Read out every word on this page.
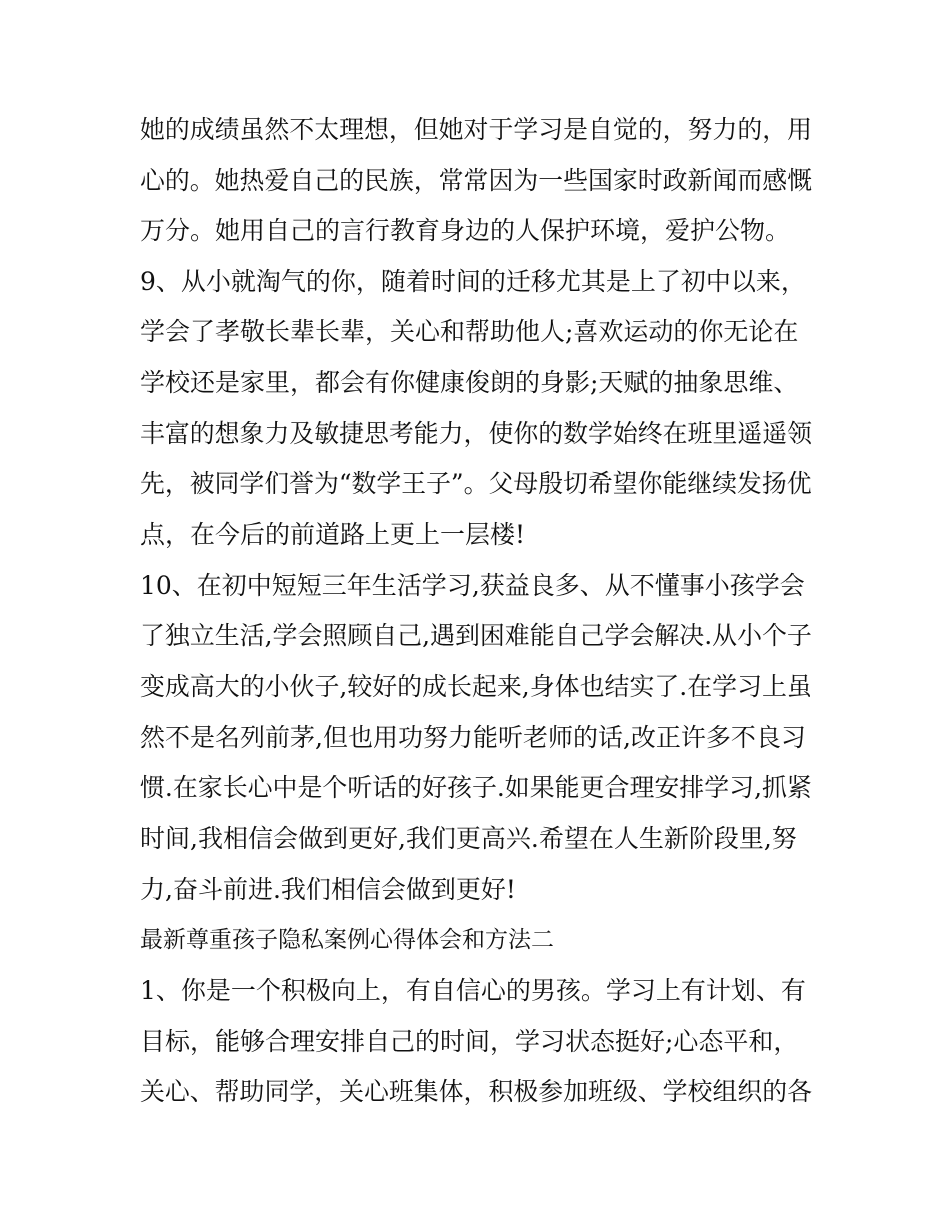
她的成绩虽然不太理想，但她对于学习是自觉的，努力的，用
心的。她热爱自己的民族，常常因为一些国家时政新闻而感慨
万分。她用自己的言行教育身边的人保护环境，爱护公物。
9、从小就淘气的你，随着时间的迁移尤其是上了初中以来，
学会了孝敬长辈长辈，关心和帮助他人;喜欢运动的你无论在
学校还是家里，都会有你健康俊朗的身影;天赋的抽象思维、
丰富的想象力及敏捷思考能力，使你的数学始终在班里遥遥领
先，被同学们誉为“数学王子”。父母殷切希望你能继续发扬优
点，在今后的前道路上更上一层楼!
10、在初中短短三年生活学习,获益良多、从不懂事小孩学会
了独立生活,学会照顾自己,遇到困难能自己学会解决.从小个子
变成高大的小伙子,较好的成长起来,身体也结实了.在学习上虽
然不是名列前茅,但也用功努力能听老师的话,改正许多不良习
惯.在家长心中是个听话的好孩子.如果能更合理安排学习,抓紧
时间,我相信会做到更好,我们更高兴.希望在人生新阶段里,努
力,奋斗前进.我们相信会做到更好!
最新尊重孩子隐私案例心得体会和方法二
1、你是一个积极向上，有自信心的男孩。学习上有计划、有
目标，能够合理安排自己的时间，学习状态挺好;心态平和，
关心、帮助同学，关心班集体，积极参加班级、学校组织的各
